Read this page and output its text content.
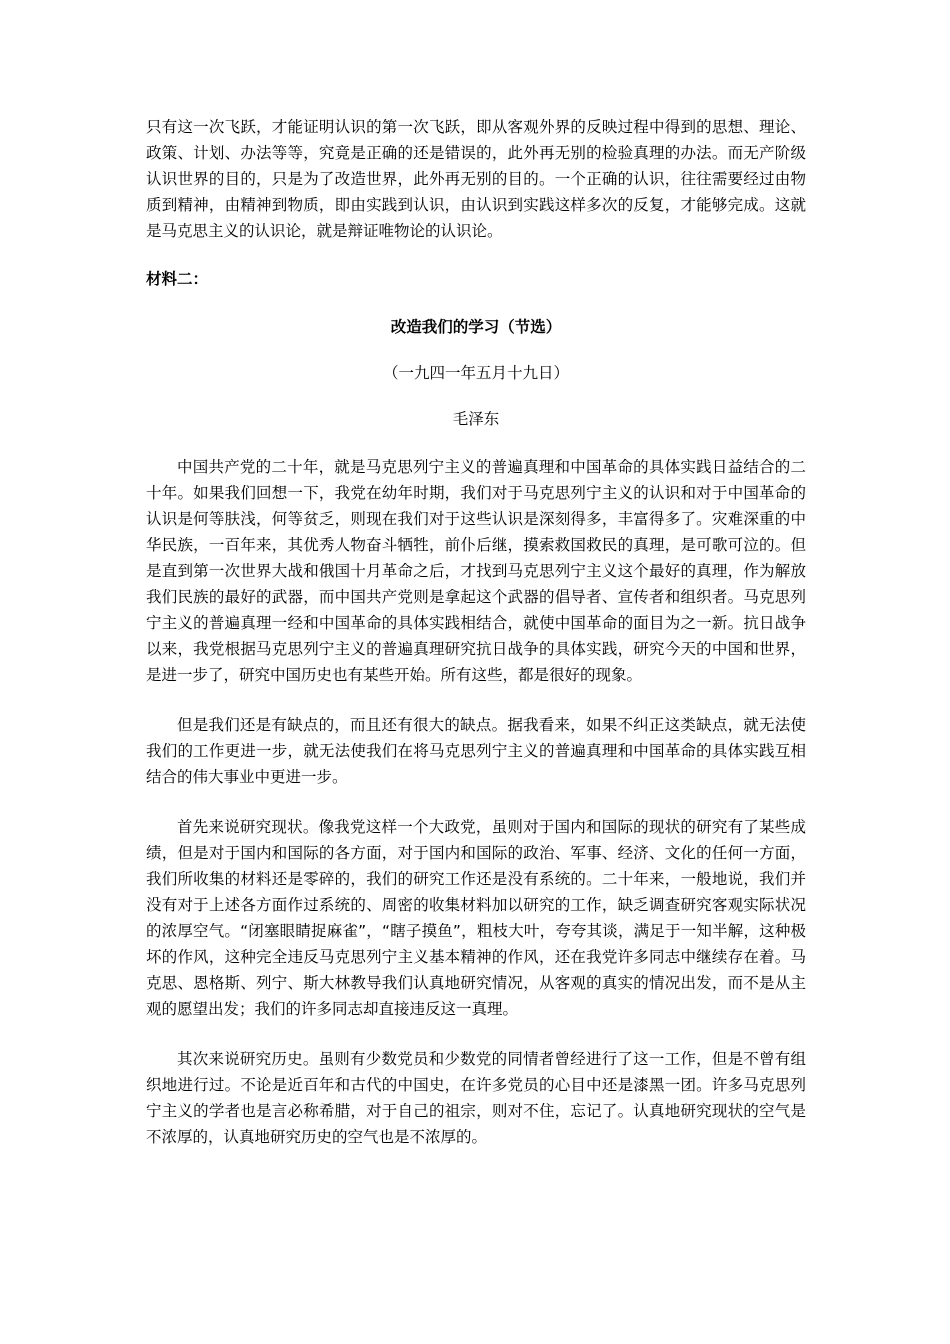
只有这一次飞跃，才能证明认识的第一次飞跃，即从客观外界的反映过程中得到的思想、理论、政策、计划、办法等等，究竟是正确的还是错误的，此外再无别的检验真理的办法。而无产阶级认识世界的目的，只是为了改造世界，此外再无别的目的。一个正确的认识，往往需要经过由物质到精神，由精神到物质，即由实践到认识，由认识到实践这样多次的反复，才能够完成。这就是马克思主义的认识论，就是辩证唯物论的认识论。

材料二：

改造我们的学习（节选）

（一九四一年五月十九日）

毛泽东

中国共产党的二十年，就是马克思列宁主义的普遍真理和中国革命的具体实践日益结合的二十年。如果我们回想一下，我党在幼年时期，我们对于马克思列宁主义的认识和对于中国革命的认识是何等肤浅，何等贫乏，则现在我们对于这些认识是深刻得多，丰富得多了。灾难深重的中华民族，一百年来，其优秀人物奋斗牺牲，前仆后继，摸索救国救民的真理，是可歌可泣的。但是直到第一次世界大战和俄国十月革命之后，才找到马克思列宁主义这个最好的真理，作为解放我们民族的最好的武器，而中国共产党则是拿起这个武器的倡导者、宣传者和组织者。马克思列宁主义的普遍真理一经和中国革命的具体实践相结合，就使中国革命的面目为之一新。抗日战争以来，我党根据马克思列宁主义的普遍真理研究抗日战争的具体实践，研究今天的中国和世界，是进一步了，研究中国历史也有某些开始。所有这些，都是很好的现象。

但是我们还是有缺点的，而且还有很大的缺点。据我看来，如果不纠正这类缺点，就无法使我们的工作更进一步，就无法使我们在将马克思列宁主义的普遍真理和中国革命的具体实践互相结合的伟大事业中更进一步。

首先来说研究现状。像我党这样一个大政党，虽则对于国内和国际的现状的研究有了某些成绩，但是对于国内和国际的各方面，对于国内和国际的政治、军事、经济、文化的任何一方面，我们所收集的材料还是零碎的，我们的研究工作还是没有系统的。二十年来，一般地说，我们并没有对于上述各方面作过系统的、周密的收集材料加以研究的工作，缺乏调查研究客观实际状况的浓厚空气。“闭塞眼睛捉麻雀”，“瞎子摸鱼”，粗枝大叶，夸夸其谈，满足于一知半解，这种极坏的作风，这种完全违反马克思列宁主义基本精神的作风，还在我党许多同志中继续存在着。马克思、恩格斯、列宁、斯大林教导我们认真地研究情况，从客观的真实的情况出发，而不是从主观的愿望出发；我们的许多同志却直接违反这一真理。

其次来说研究历史。虽则有少数党员和少数党的同情者曾经进行了这一工作，但是不曾有组织地进行过。不论是近百年和古代的中国史，在许多党员的心目中还是漆黑一团。许多马克思列宁主义的学者也是言必称希腊，对于自己的祖宗，则对不住，忘记了。认真地研究现状的空气是不浓厚的，认真地研究历史的空气也是不浓厚的。
